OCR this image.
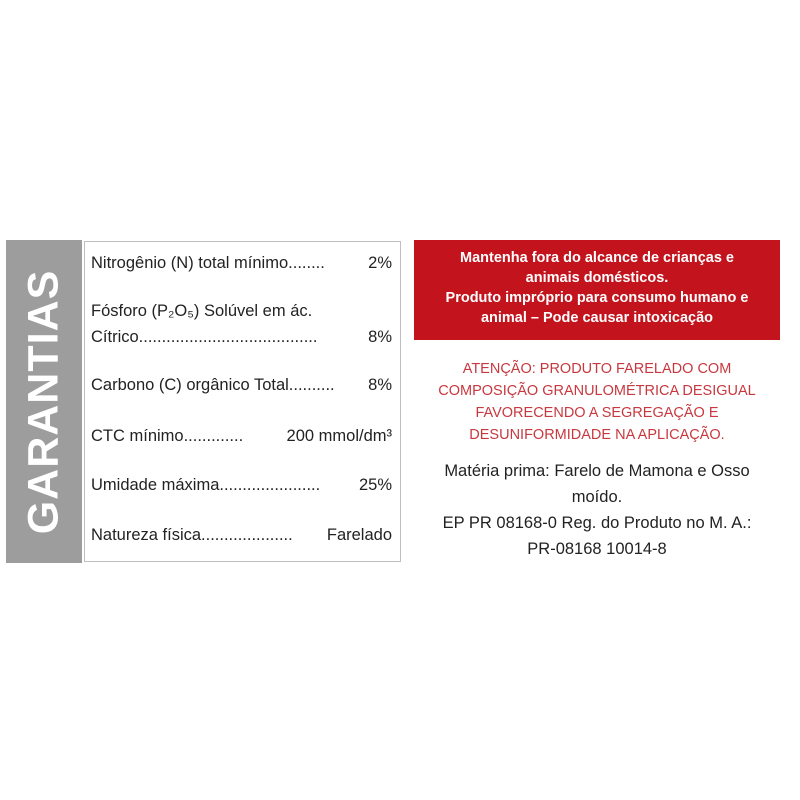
GARANTIAS
2%
Nitrogênio (N) total mínimo........
Fósforo (P₂O₅) Solúvel em ác.
8%
Cítrico.......................................
8%
Carbono (C) orgânico Total..........
200 mmol/dm³
CTC mínimo.............
25%
Umidade máxima......................
Farelado
Natureza física....................
Mantenha fora do alcance de crianças e
animais domésticos.
Produto impróprio para consumo humano e
animal – Pode causar intoxicação
ATENÇÃO: PRODUTO FARELADO COM
COMPOSIÇÃO GRANULOMÉTRICA DESIGUAL
FAVORECENDO A SEGREGAÇÃO E
DESUNIFORMIDADE NA APLICAÇÃO.
Matéria prima: Farelo de Mamona e Osso
moído.
EP PR 08168-0 Reg. do Produto no M. A.:
PR-08168 10014-8
